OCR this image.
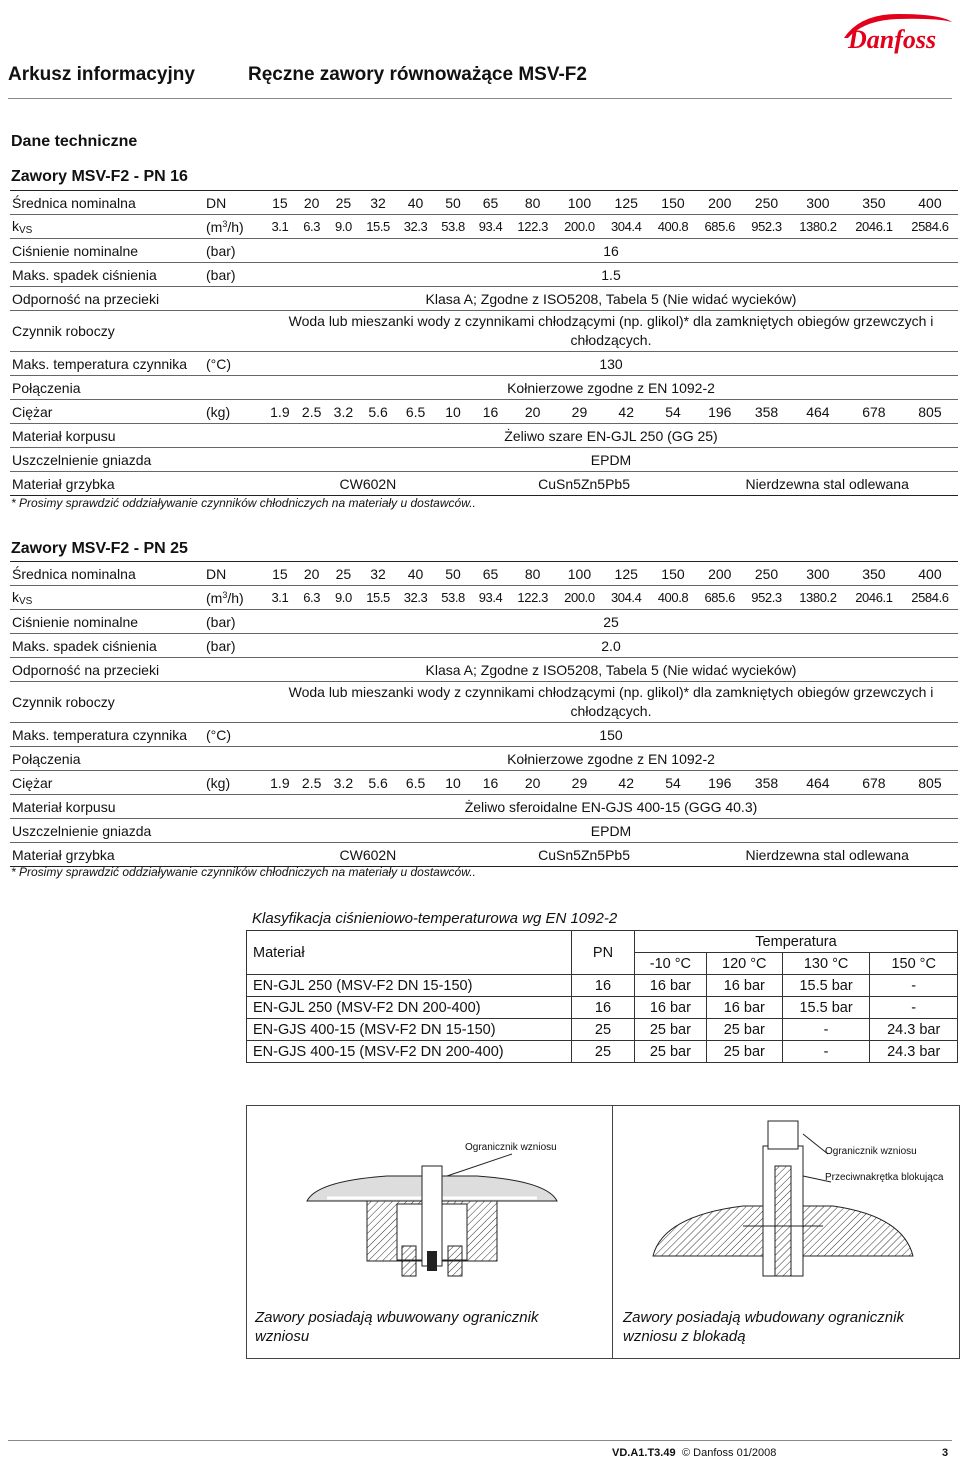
Danfoss
Arkusz informacyjny	Ręczne zawory równoważące MSV-F2
Dane techniczne
Zawory MSV-F2 - PN 16
Średnica nominalna	DN	15	20	25	32	40	50	65	80	100	125	150	200	250	300	350	400
$k_{VS}$	$(m^3/h)$	3.1	6.3	9.0	15.5	32.3	53.8	93.4	122.3	200.0	304.4	400.8	685.6	952.3	1380.2	2046.1	2584.6
Ciśnienie nominalne	(bar)	16															
Maks. spadek ciśnienia	(bar)	1.5															
Odporność na przecieki		Klasa A; Zgodne z ISO5208, Tabela 5 (Nie widać wycieków)															
Czynnik roboczy		Woda lub mieszanki wody z czynnikami chłodzącymi (np. glikol)* dla zamkniętych obiegów grzewczych i chłodzących.															
Maks. temperatura czynnika	(°C)	130															
Połączenia		Kołnierzowe zgodne z EN 1092-2															
Ciężar	(kg)	1.9	2.5	3.2	5.6	6.5	10	16	20	29	42	54	196	358	464	678	805
Materiał korpusu		Żeliwo szare EN-GJL 250 (GG 25)															
Uszczelnienie gniazda		EPDM															
Materiał grzybka		CW602N						CuSn5Zn5Pb5					Nierdzewna stal odlewana				
* Prosimy sprawdzić oddziaływanie czynników chłodniczych na materiały u dostawców..
Zawory MSV-F2 - PN 25
Średnica nominalna	DN	15	20	25	32	40	50	65	80	100	125	150	200	250	300	350	400
$k_{VS}$	$(m^3/h)$	3.1	6.3	9.0	15.5	32.3	53.8	93.4	122.3	200.0	304.4	400.8	685.6	952.3	1380.2	2046.1	2584.6
Ciśnienie nominalne	(bar)	25															
Maks. spadek ciśnienia	(bar)	2.0															
Odporność na przecieki		Klasa A; Zgodne z ISO5208, Tabela 5 (Nie widać wycieków)															
Czynnik roboczy		Woda lub mieszanki wody z czynnikami chłodzącymi (np. glikol)* dla zamkniętych obiegów grzewczych i chłodzących.															
Maks. temperatura czynnika	(°C)	150															
Połączenia		Kołnierzowe zgodne z EN 1092-2															
Ciężar	(kg)	1.9	2.5	3.2	5.6	6.5	10	16	20	29	42	54	196	358	464	678	805
Materiał korpusu		Żeliwo sferoidalne EN-GJS 400-15 (GGG 40.3)															
Uszczelnienie gniazda		EPDM															
Materiał grzybka		CW602N						CuSn5Zn5Pb5					Nierdzewna stal odlewana				
* Prosimy sprawdzić oddziaływanie czynników chłodniczych na materiały u dostawców..
Klasyfikacja ciśnieniowo-temperaturowa wg EN 1092-2
Materiał	PN	Temperatura			
		-10 °C	120 °C	130 °C	150 °C
EN-GJL 250 (MSV-F2 DN 15-150)	16	16 bar	16 bar	15.5 bar	-
EN-GJL 250 (MSV-F2 DN 200-400)	16	16 bar	16 bar	15.5 bar	-
EN-GJS 400-15 (MSV-F2 DN 15-150)	25	25 bar	25 bar	-	24.3 bar
EN-GJS 400-15 (MSV-F2 DN 200-400)	25	25 bar	25 bar	-	24.3 bar
Ogranicznik wzniosu	Ogranicznik wzniosu
Przeciwnakrętka blokująca
Zawory posiadają wbuwowany ogranicznik wzniosu
Zawory posiadają wbudowany ogranicznik wzniosu z blokadą
VD.A1.T3.49 © Danfoss 01/2008	3
